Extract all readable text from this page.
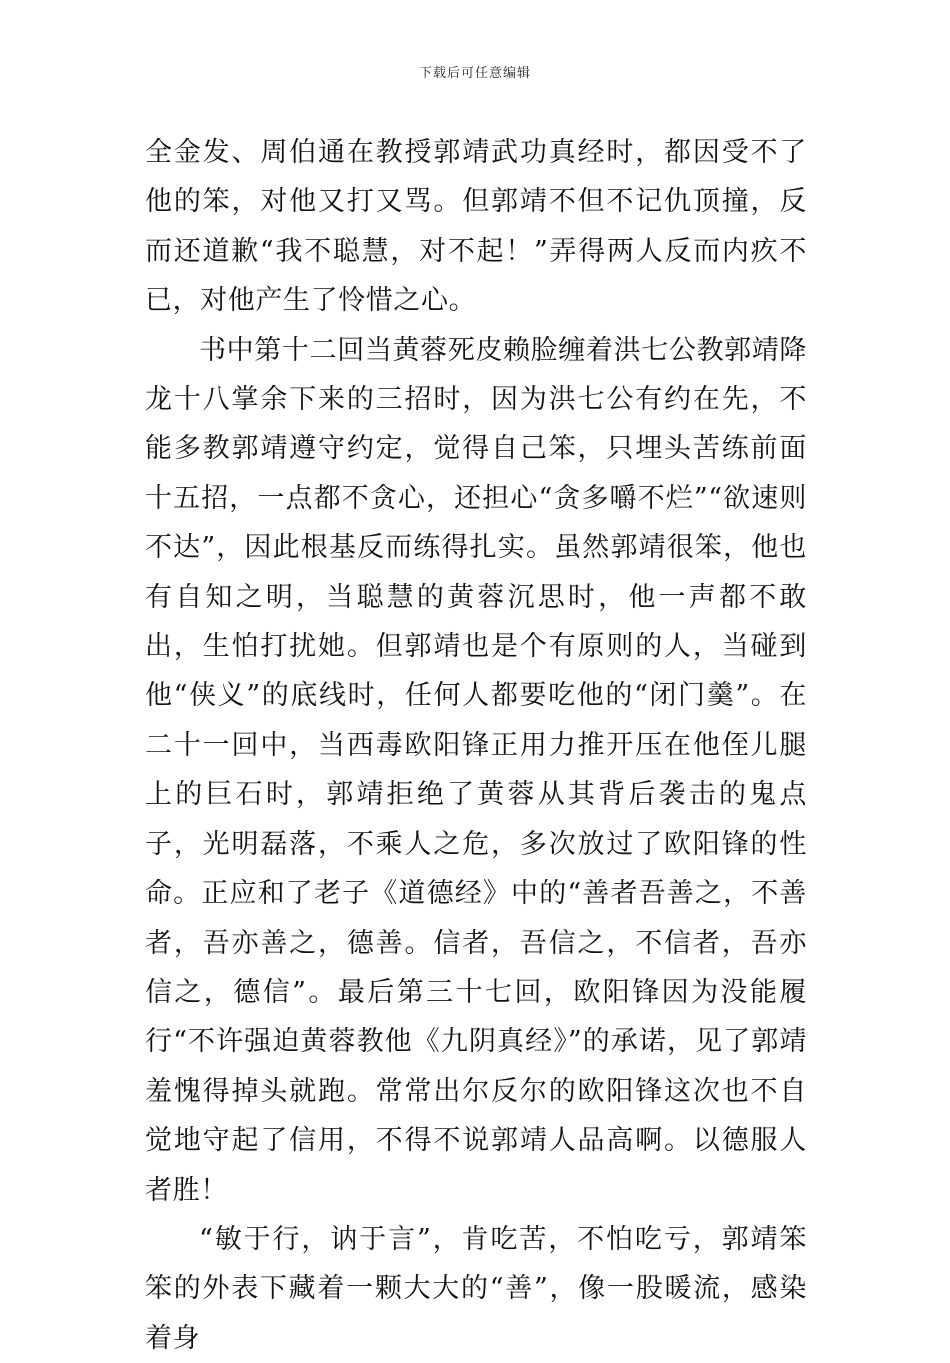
下载后可任意编辑

全金发、周伯通在教授郭靖武功真经时，都因受不了他的笨，对他又打又骂。但郭靖不但不记仇顶撞，反而还道歉“我不聪慧，对不起！”弄得两人反而内疚不已，对他产生了怜惜之心。

书中第十二回当黄蓉死皮赖脸缠着洪七公教郭靖降龙十八掌余下来的三招时，因为洪七公有约在先，不能多教郭靖遵守约定，觉得自己笨，只埋头苦练前面十五招，一点都不贪心，还担心“贪多嚼不烂”“欲速则不达”，因此根基反而练得扎实。虽然郭靖很笨，他也有自知之明，当聪慧的黄蓉沉思时，他一声都不敢出，生怕打扰她。但郭靖也是个有原则的人，当碰到他“侠义”的底线时，任何人都要吃他的“闭门羹”。在二十一回中，当西毒欧阳锋正用力推开压在他侄儿腿上的巨石时，郭靖拒绝了黄蓉从其背后袭击的鬼点子，光明磊落，不乘人之危，多次放过了欧阳锋的性命。正应和了老子《道德经》中的“善者吾善之，不善者，吾亦善之，德善。信者，吾信之，不信者，吾亦信之，德信”。最后第三十七回，欧阳锋因为没能履行“不许强迫黄蓉教他《九阴真经》”的承诺，见了郭靖羞愧得掉头就跑。常常出尔反尔的欧阳锋这次也不自觉地守起了信用，不得不说郭靖人品高啊。以德服人者胜！

“敏于行，讷于言”，肯吃苦，不怕吃亏，郭靖笨笨的外表下藏着一颗大大的“善”，像一股暖流，感染着身
